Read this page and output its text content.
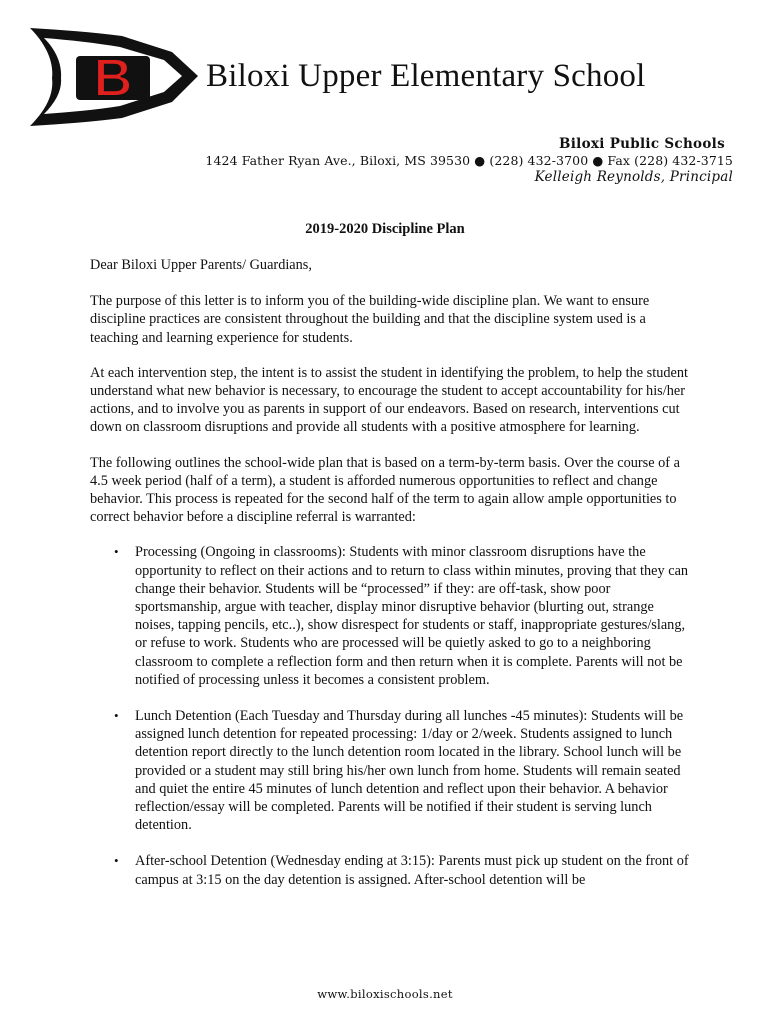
B Biloxi Upper Elementary School
Biloxi Public Schools
1424 Father Ryan Ave., Biloxi, MS 39530 ● (228) 432-3700 ● Fax (228) 432-3715
Kelleigh Reynolds, Principal
2019-2020 Discipline Plan

Dear Biloxi Upper Parents/ Guardians,

The purpose of this letter is to inform you of the building-wide discipline plan. We want to ensure discipline practices are consistent throughout the building and that the discipline system used is a teaching and learning experience for students.

At each intervention step, the intent is to assist the student in identifying the problem, to help the student understand what new behavior is necessary, to encourage the student to accept accountability for his/her actions, and to involve you as parents in support of our endeavors. Based on research, interventions cut down on classroom disruptions and provide all students with a positive atmosphere for learning.

The following outlines the school-wide plan that is based on a term-by-term basis. Over the course of a 4.5 week period (half of a term), a student is afforded numerous opportunities to reflect and change behavior. This process is repeated for the second half of the term to again allow ample opportunities to correct behavior before a discipline referral is warranted:

• Processing (Ongoing in classrooms): Students with minor classroom disruptions have the opportunity to reflect on their actions and to return to class within minutes, proving that they can change their behavior. Students will be “processed” if they: are off-task, show poor sportsmanship, argue with teacher, display minor disruptive behavior (blurting out, strange noises, tapping pencils, etc..), show disrespect for students or staff, inappropriate gestures/slang, or refuse to work. Students who are processed will be quietly asked to go to a neighboring classroom to complete a reflection form and then return when it is complete. Parents will not be notified of processing unless it becomes a consistent problem.
• Lunch Detention (Each Tuesday and Thursday during all lunches -45 minutes): Students will be assigned lunch detention for repeated processing: 1/day or 2/week. Students assigned to lunch detention report directly to the lunch detention room located in the library. School lunch will be provided or a student may still bring his/her own lunch from home. Students will remain seated and quiet the entire 45 minutes of lunch detention and reflect upon their behavior. A behavior reflection/essay will be completed. Parents will be notified if their student is serving lunch detention.
• After-school Detention (Wednesday ending at 3:15): Parents must pick up student on the front of campus at 3:15 on the day detention is assigned. After-school detention will be
www.biloxischools.net
